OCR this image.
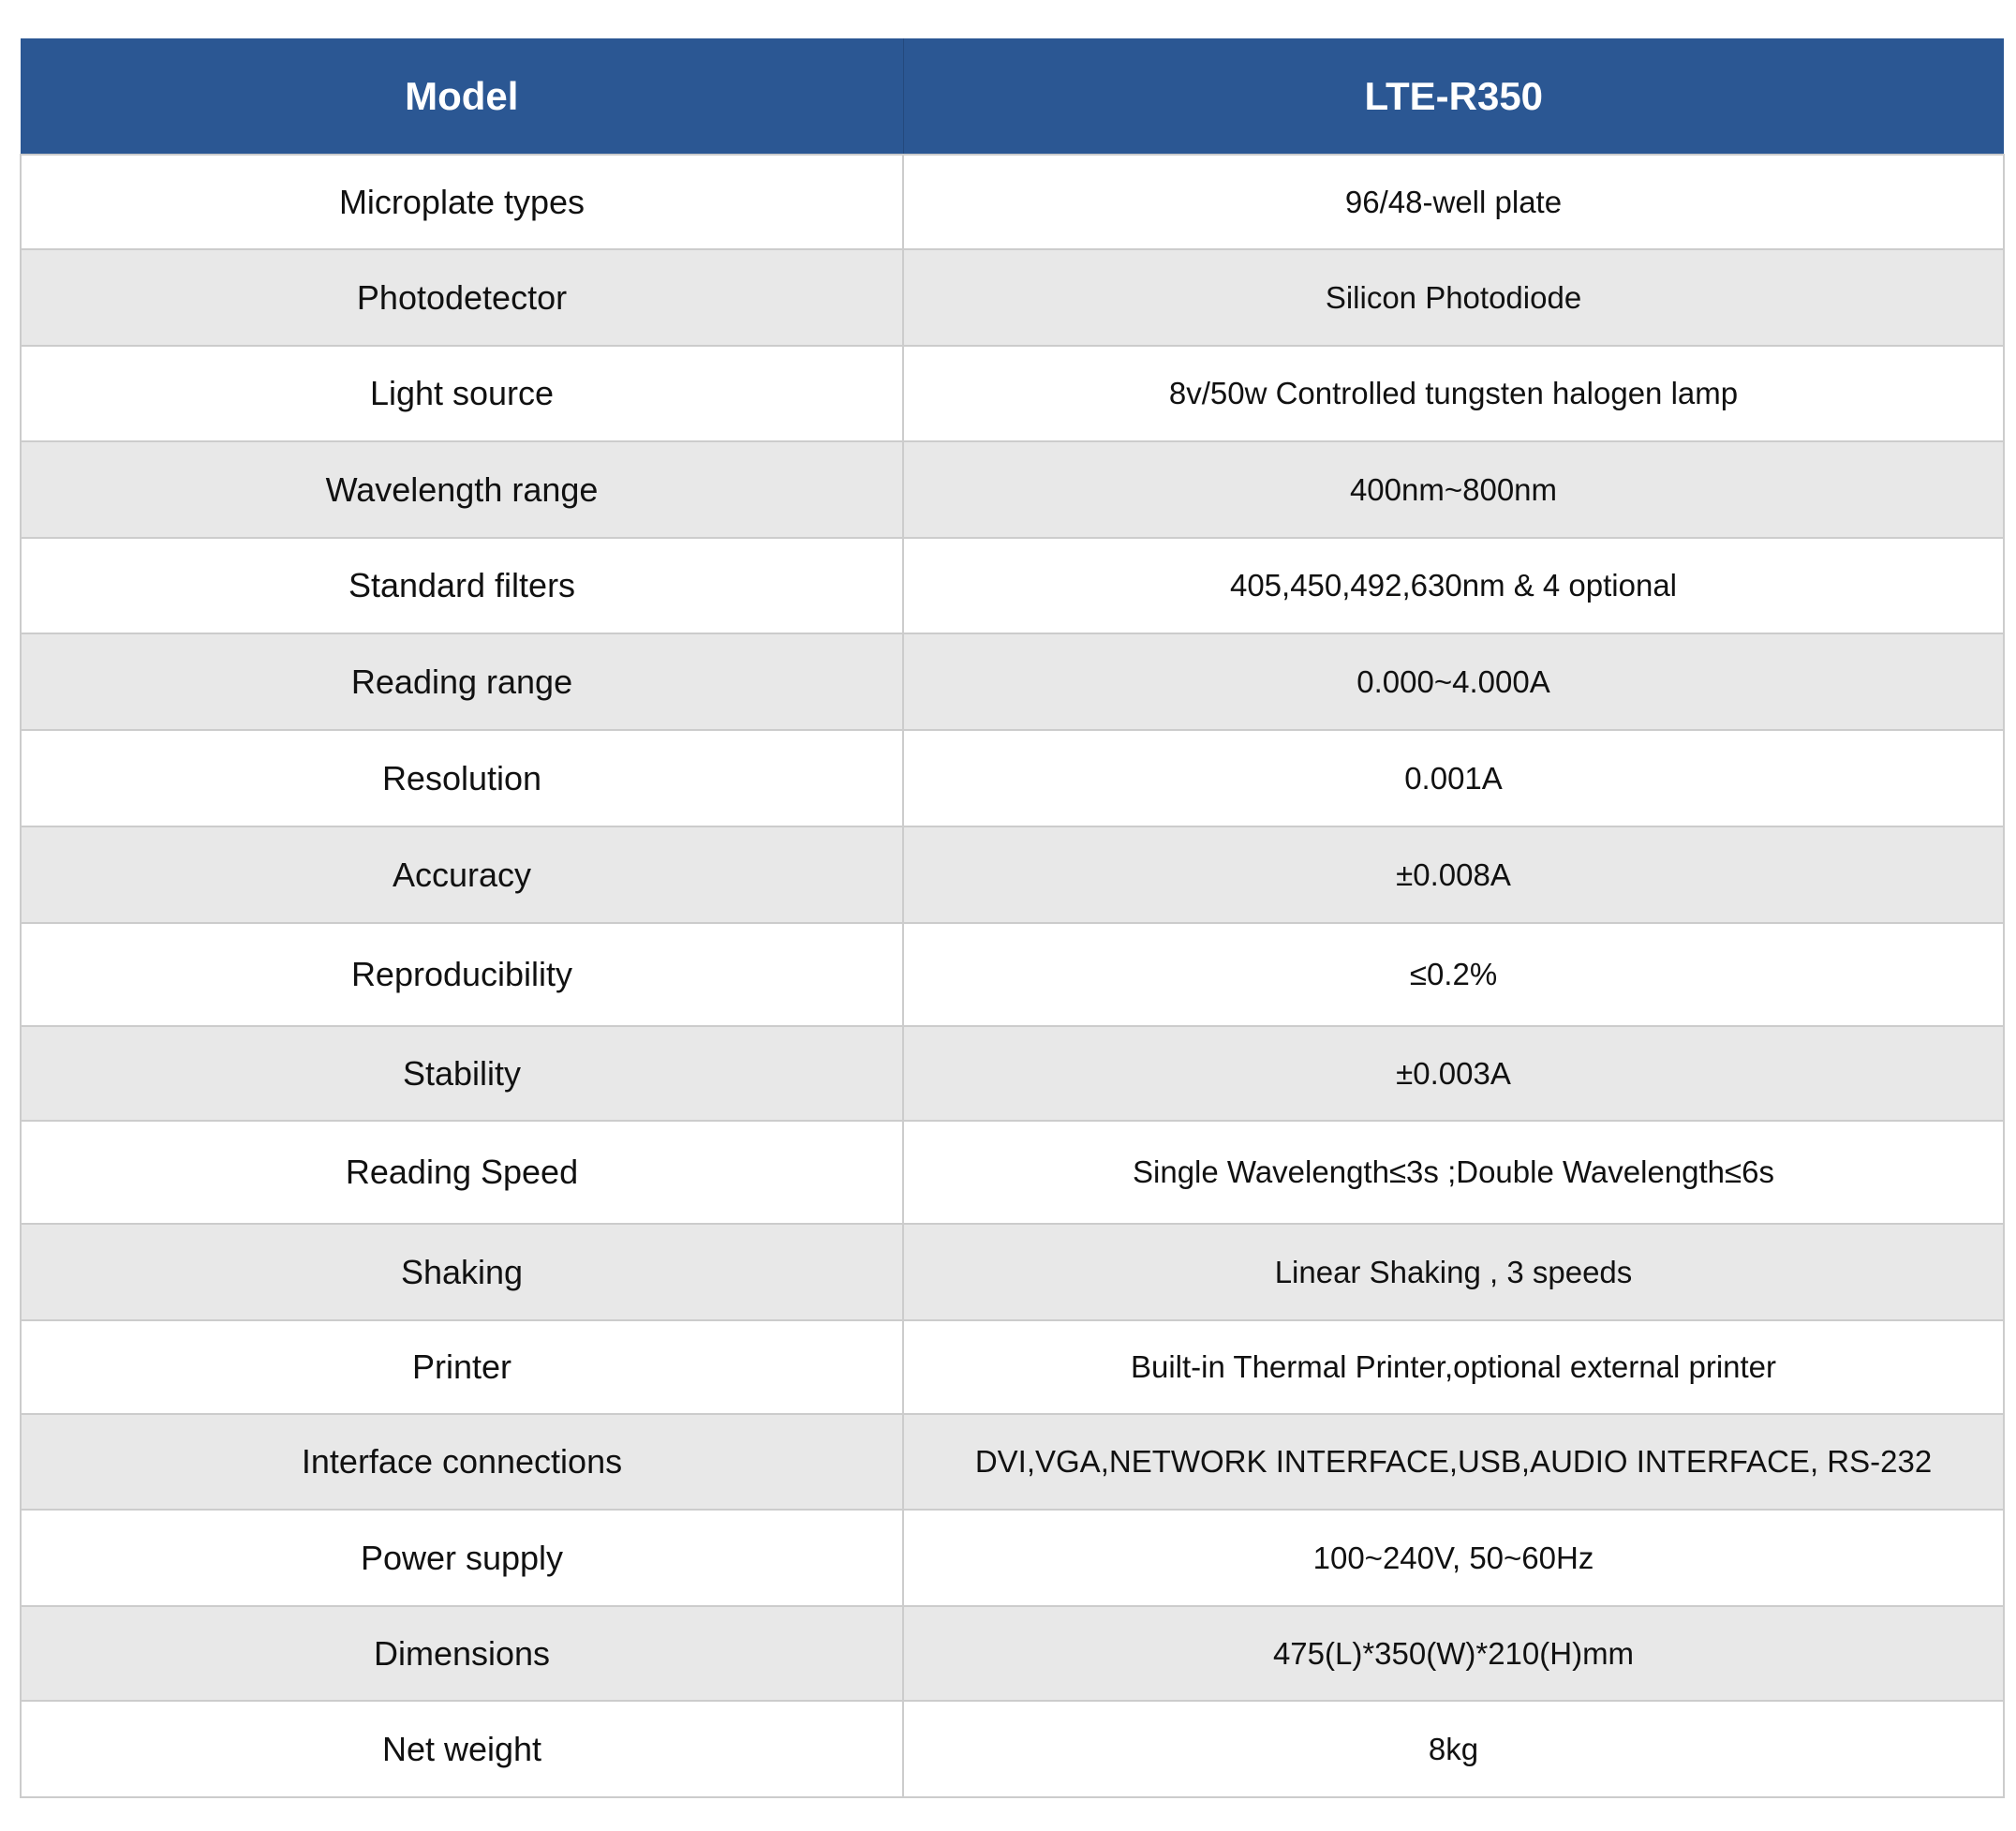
Model	LTE-R350
Microplate types	96/48-well plate
Photodetector	Silicon Photodiode
Light source	8v/50w Controlled tungsten halogen lamp
Wavelength range	400nm~800nm
Standard filters	405,450,492,630nm & 4 optional
Reading range	0.000~4.000A
Resolution	0.001A
Accuracy	±0.008A
Reproducibility	≤0.2%
Stability	±0.003A
Reading Speed	Single Wavelength≤3s ;Double Wavelength≤6s
Shaking	Linear Shaking , 3 speeds
Printer	Built-in Thermal Printer,optional external printer
Interface connections	DVI,VGA,NETWORK INTERFACE,USB,AUDIO INTERFACE, RS-232
Power supply	100~240V, 50~60Hz
Dimensions	475(L)*350(W)*210(H)mm
Net weight	8kg
